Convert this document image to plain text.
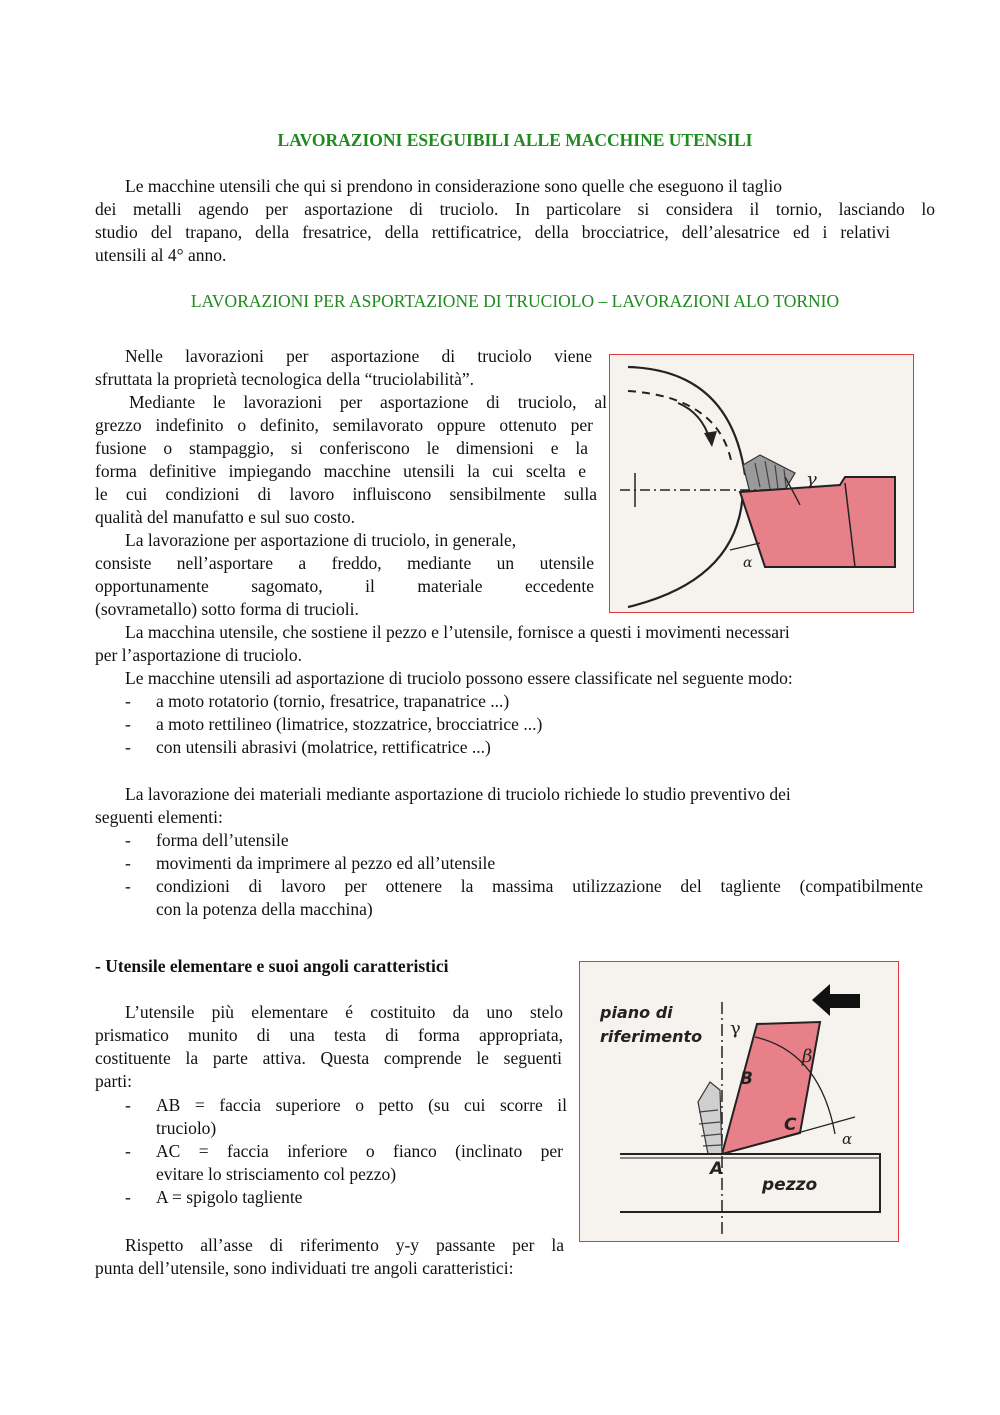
LAVORAZIONI ESEGUIBILI ALLE MACCHINE UTENSILI
Le macchine utensili che qui si prendono in considerazione sono quelle che eseguono il taglio
dei metalli agendo per asportazione di truciolo. In particolare si considera il tornio, lasciando lo
studio del trapano, della fresatrice, della rettificatrice, della brocciatrice, dell’alesatrice ed i relativi
utensili al 4° anno.
LAVORAZIONI PER ASPORTAZIONE DI TRUCIOLO – LAVORAZIONI ALO TORNIO
Nelle lavorazioni per asportazione di truciolo viene
sfruttata la proprietà tecnologica della “truciolabilità”.
Mediante le lavorazioni per asportazione di truciolo, al
grezzo indefinito o definito, semilavorato oppure ottenuto per
fusione o stampaggio, si conferiscono le dimensioni e la
forma definitive impiegando macchine utensili la cui scelta e
le cui condizioni di lavoro influiscono sensibilmente sulla
qualità del manufatto e sul suo costo.
La lavorazione per asportazione di truciolo, in generale,
consiste nell’asportare a freddo, mediante un utensile
opportunamente sagomato, il materiale eccedente
(sovrametallo) sotto forma di trucioli.
γ
α
La macchina utensile, che sostiene il pezzo e l’utensile, fornisce a questi i movimenti necessari
per l’asportazione di truciolo.
Le macchine utensili ad asportazione di truciolo possono essere classificate nel seguente modo:
- a moto rotatorio (tornio, fresatrice, trapanatrice ...)
- a moto rettilineo (limatrice, stozzatrice, brocciatrice ...)
- con utensili abrasivi (molatrice, rettificatrice ...)
La lavorazione dei materiali mediante asportazione di truciolo richiede lo studio preventivo dei
seguenti elementi:
- forma dell’utensile
- movimenti da imprimere al pezzo ed all’utensile
- condizioni di lavoro per ottenere la massima utilizzazione del tagliente (compatibilmente
con la potenza della macchina)
- Utensile elementare e suoi angoli caratteristici
L’utensile più elementare é costituito da uno stelo
prismatico munito di una testa di forma appropriata,
costituente la parte attiva. Questa comprende le seguenti
parti:
- AB = faccia superiore o petto (su cui scorre il
truciolo)
- AC = faccia inferiore o fianco (inclinato per
evitare lo strisciamento col pezzo)
- A = spigolo tagliente
Rispetto all’asse di riferimento y-y passante per la
punta dell’utensile, sono individuati tre angoli caratteristici:
piano di
riferimento
B
C
γ
β
α
A
pezzo
